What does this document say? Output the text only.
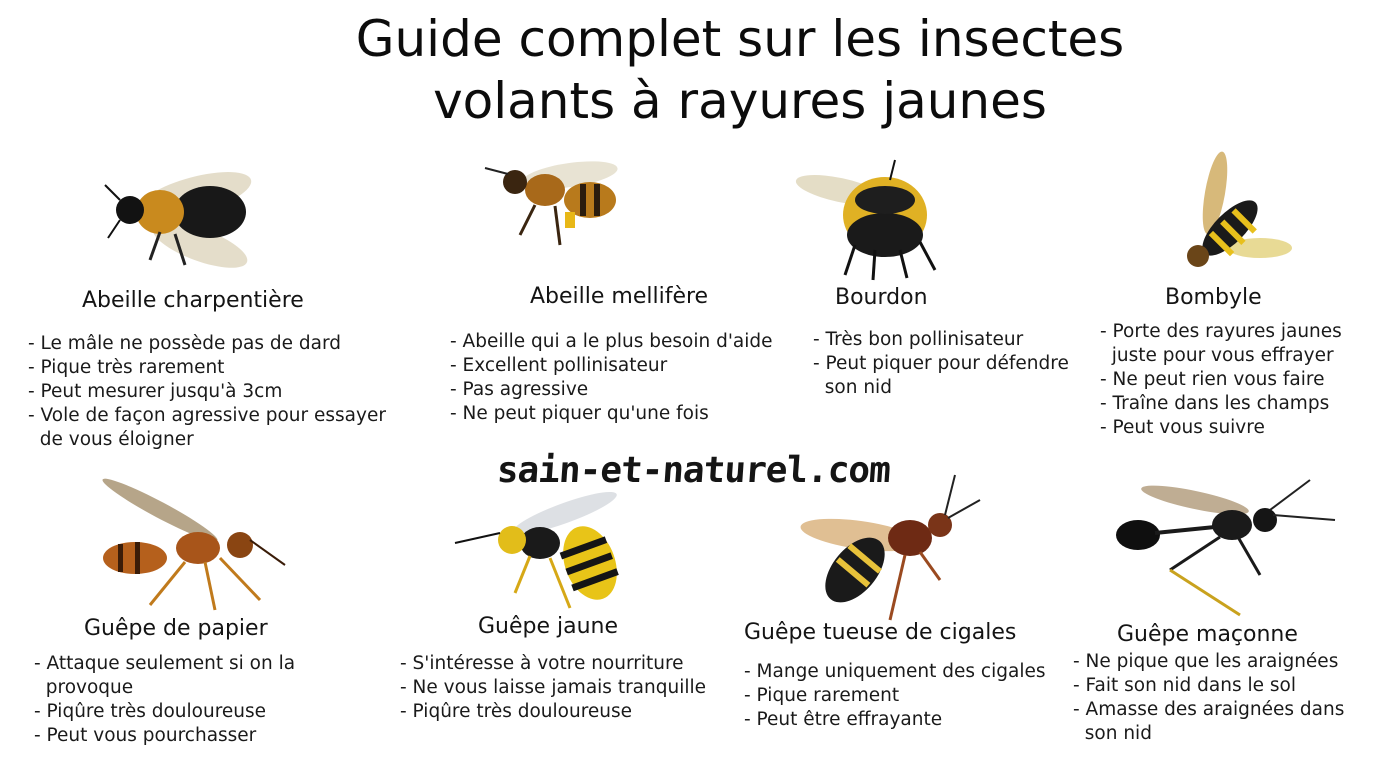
Guide complet sur les insectes
volants à rayures jaunes
Abeille charpentière
- Le mâle ne possède pas de dard
- Pique très rarement
- Peut mesurer jusqu'à 3cm
- Vole de façon agressive pour essayer
de vous éloigner
Abeille mellifère
- Abeille qui a le plus besoin d'aide
- Excellent pollinisateur
- Pas agressive
- Ne peut piquer qu'une fois
Bourdon
- Très bon pollinisateur
- Peut piquer pour défendre
son nid
Bombyle
- Porte des rayures jaunes
juste pour vous effrayer
- Ne peut rien vous faire
- Traîne dans les champs
- Peut vous suivre
sain-et-naturel.com
Guêpe de papier
- Attaque seulement si on la
provoque
- Piqûre très douloureuse
- Peut vous pourchasser
Guêpe jaune
- S'intéresse à votre nourriture
- Ne vous laisse jamais tranquille
- Piqûre très douloureuse
Guêpe tueuse de cigales
- Mange uniquement des cigales
- Pique rarement
- Peut être effrayante
Guêpe maçonne
- Ne pique que les araignées
- Fait son nid dans le sol
- Amasse des araignées dans
son nid
